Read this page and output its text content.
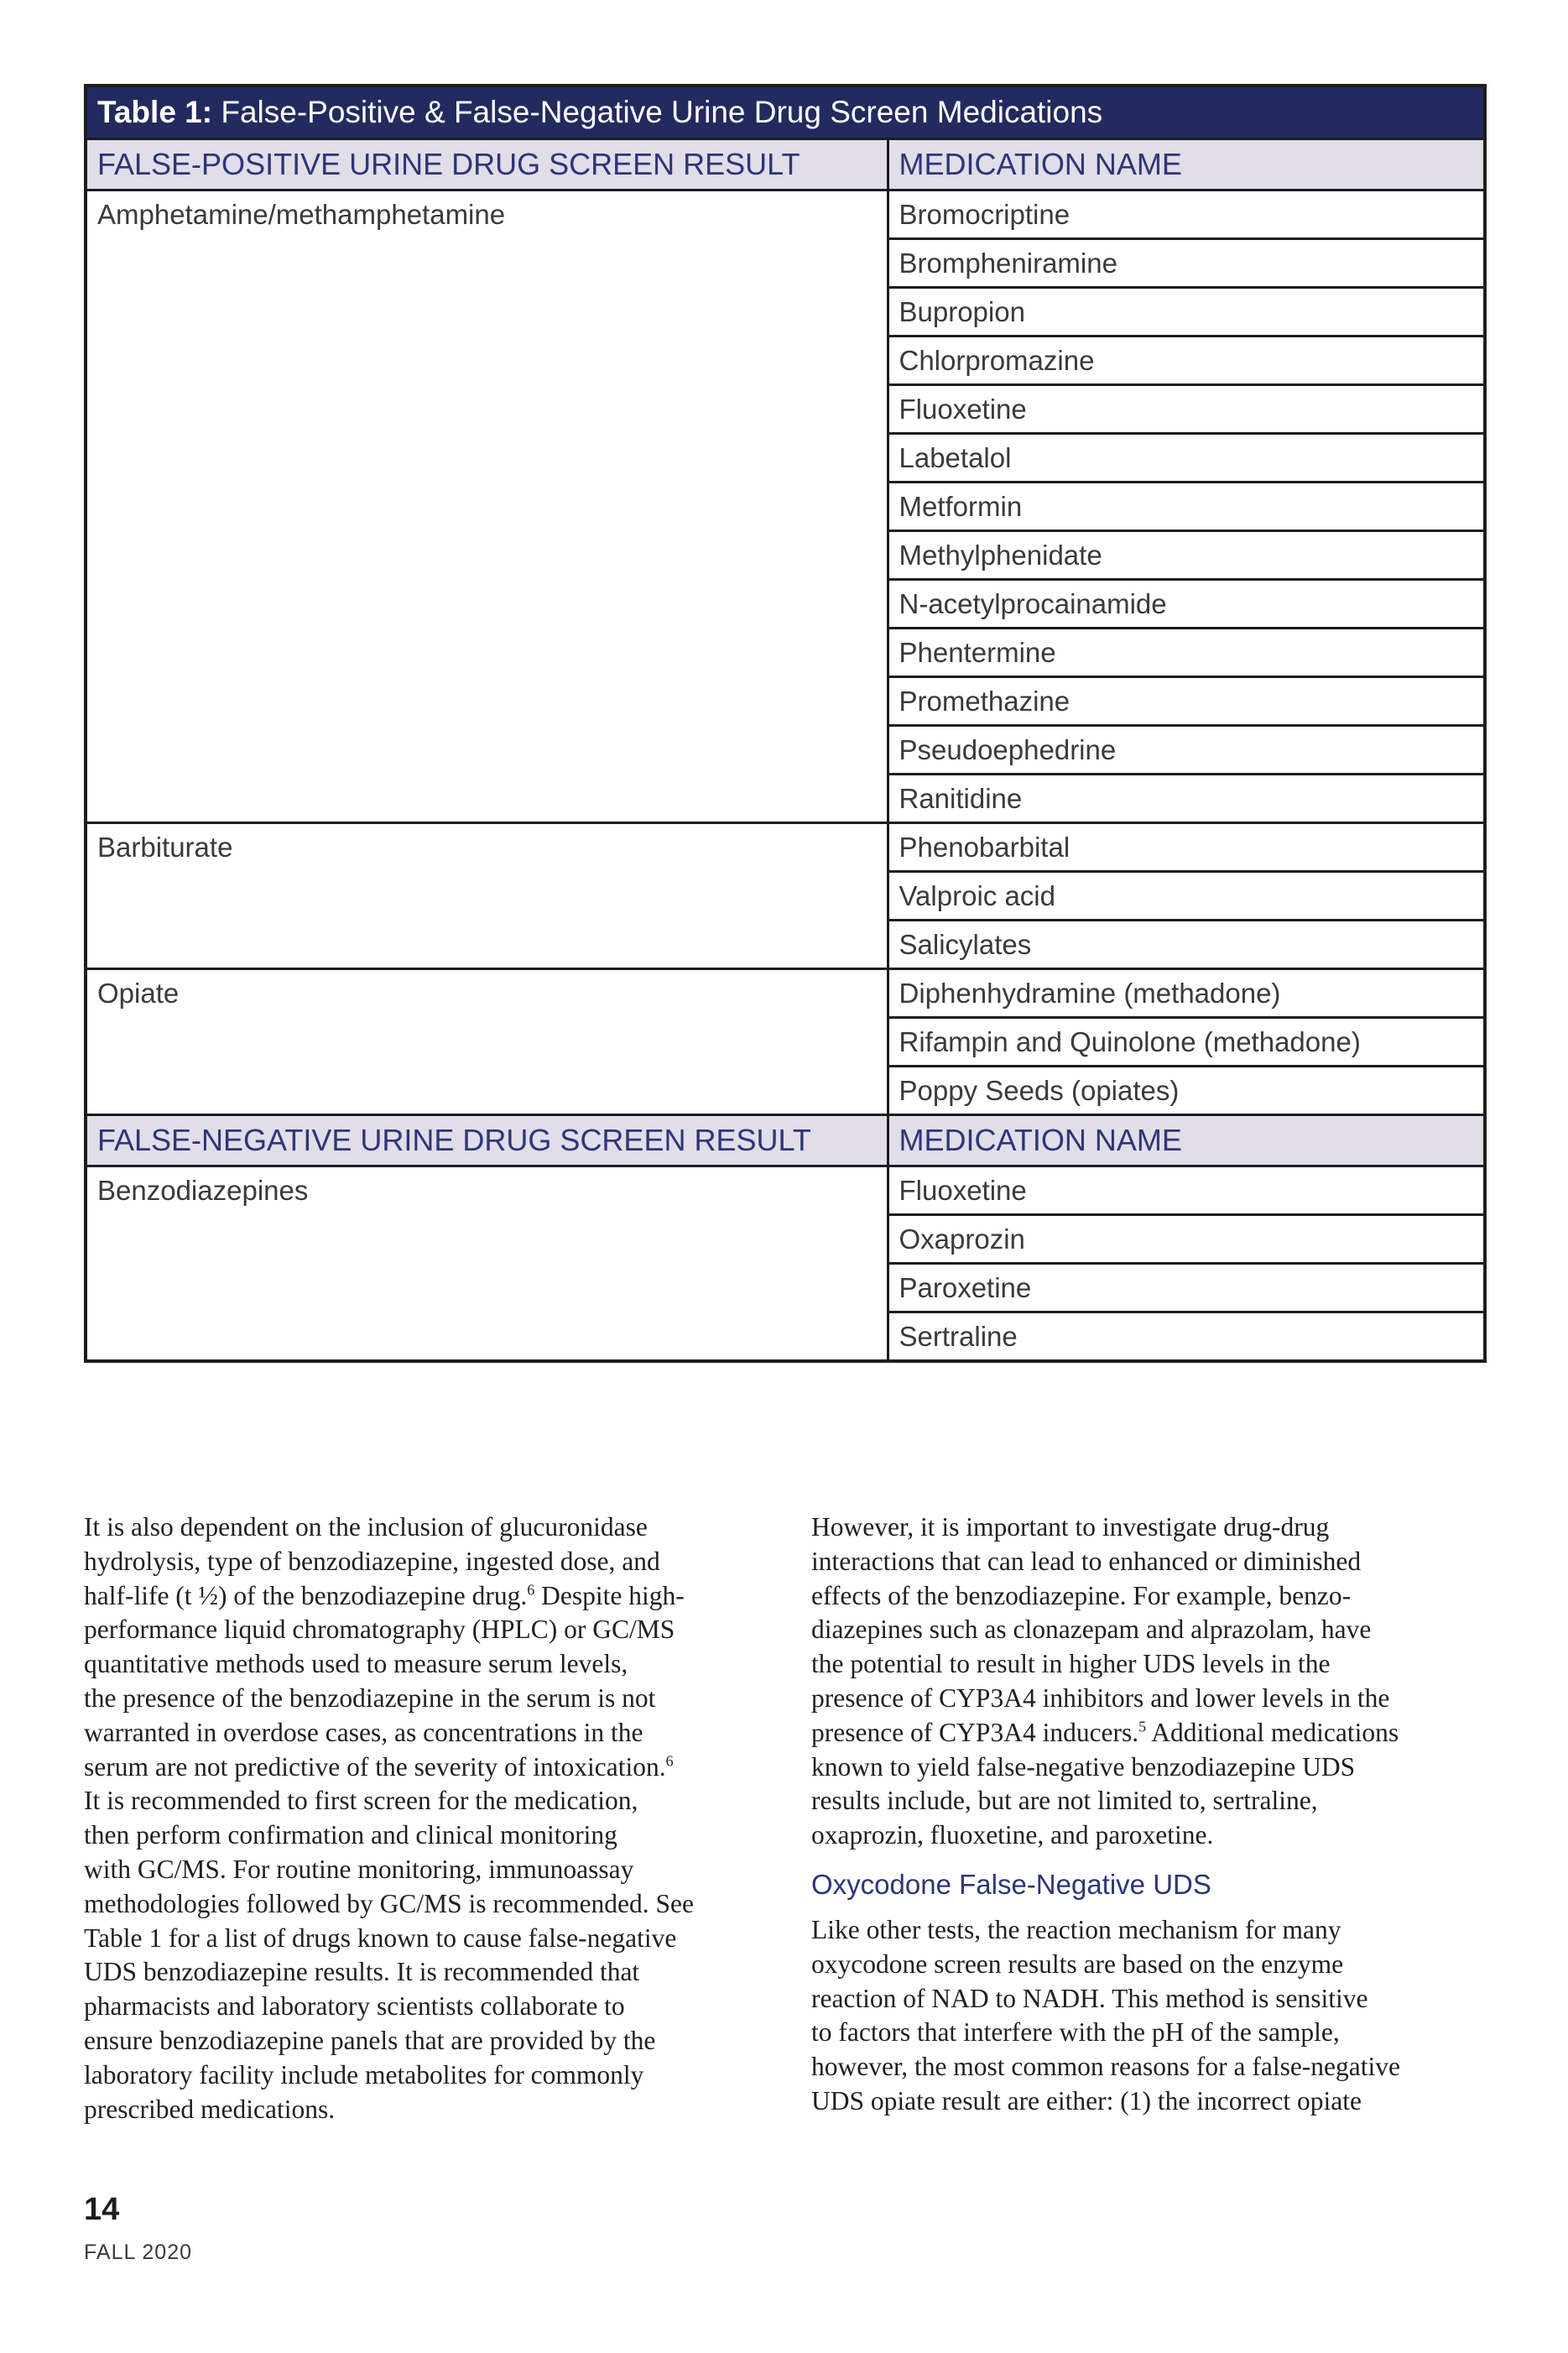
Table 1: False-Positive & False-Negative Urine Drug Screen Medications	
FALSE-POSITIVE URINE DRUG SCREEN RESULT	MEDICATION NAME
Amphetamine/methamphetamine	Bromocriptine
	Brompheniramine
	Bupropion
	Chlorpromazine
	Fluoxetine
	Labetalol
	Metformin
	Methylphenidate
	N-acetylprocainamide
	Phentermine
	Promethazine
	Pseudoephedrine
	Ranitidine
Barbiturate	Phenobarbital
	Valproic acid
	Salicylates
Opiate	Diphenhydramine (methadone)
	Rifampin and Quinolone (methadone)
	Poppy Seeds (opiates)
FALSE-NEGATIVE URINE DRUG SCREEN RESULT	MEDICATION NAME
Benzodiazepines	Fluoxetine
	Oxaprozin
	Paroxetine
	Sertraline

It is also dependent on the inclusion of glucuronidase
hydrolysis, type of benzodiazepine, ingested dose, and
half-life (t ½) of the benzodiazepine drug.$^6$ Despite high-
performance liquid chromatography (HPLC) or GC/MS
quantitative methods used to measure serum levels,
the presence of the benzodiazepine in the serum is not
warranted in overdose cases, as concentrations in the
serum are not predictive of the severity of intoxication.$^6$
It is recommended to first screen for the medication,
then perform confirmation and clinical monitoring
with GC/MS. For routine monitoring, immunoassay
methodologies followed by GC/MS is recommended. See
Table 1 for a list of drugs known to cause false-negative
UDS benzodiazepine results. It is recommended that
pharmacists and laboratory scientists collaborate to
ensure benzodiazepine panels that are provided by the
laboratory facility include metabolites for commonly
prescribed medications.

However, it is important to investigate drug-drug
interactions that can lead to enhanced or diminished
effects of the benzodiazepine. For example, benzo-
diazepines such as clonazepam and alprazolam, have
the potential to result in higher UDS levels in the
presence of CYP3A4 inhibitors and lower levels in the
presence of CYP3A4 inducers.$^5$ Additional medications
known to yield false-negative benzodiazepine UDS
results include, but are not limited to, sertraline,
oxaprozin, fluoxetine, and paroxetine.

Oxycodone False-Negative UDS

Like other tests, the reaction mechanism for many
oxycodone screen results are based on the enzyme
reaction of NAD to NADH. This method is sensitive
to factors that interfere with the pH of the sample,
however, the most common reasons for a false-negative
UDS opiate result are either: (1) the incorrect opiate

14
FALL 2020
